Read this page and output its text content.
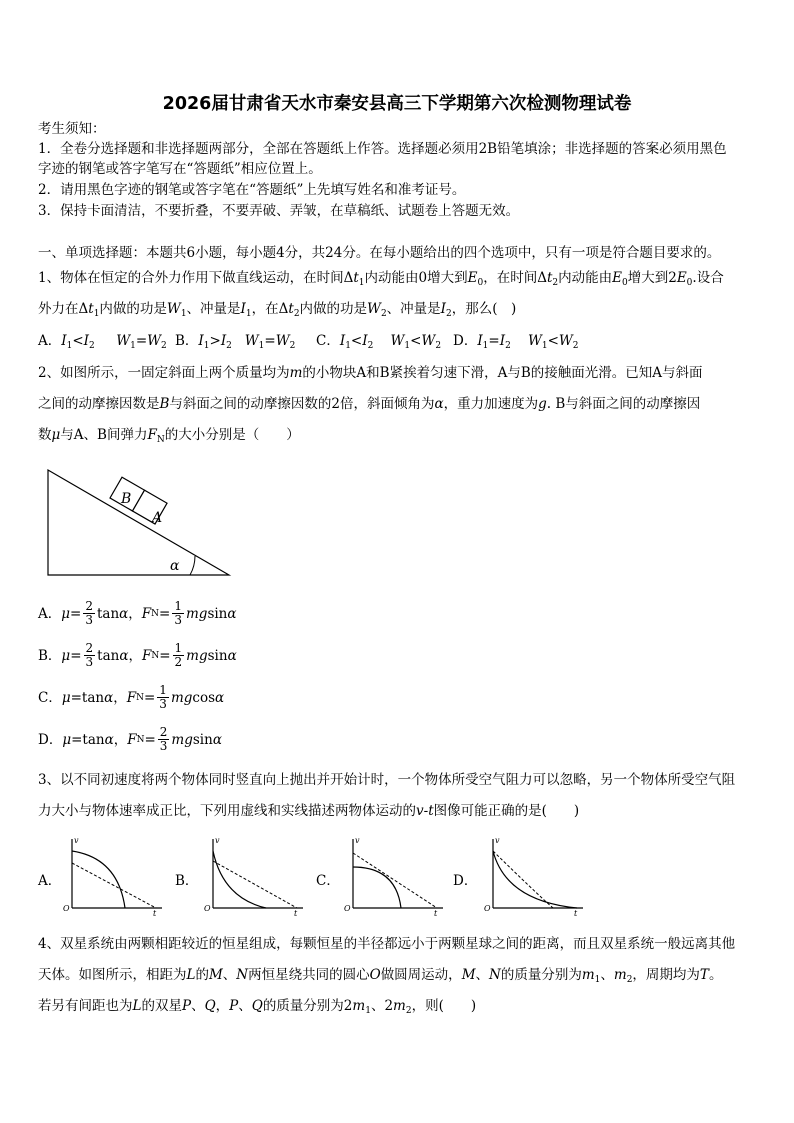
2026届甘肃省天水市秦安县高三下学期第六次检测物理试卷
考生须知：
1．全卷分选择题和非选择题两部分，全部在答题纸上作答。选择题必须用2B铅笔填涂；非选择题的答案必须用黑色
字迹的钢笔或答字笔写在“答题纸”相应位置上。
2．请用黑色字迹的钢笔或答字笔在“答题纸”上先填写姓名和准考证号。
3．保持卡面清洁，不要折叠，不要弄破、弄皱，在草稿纸、试题卷上答题无效。
一、单项选择题：本题共6小题，每小题4分，共24分。在每小题给出的四个选项中，只有一项是符合题目要求的。
1、物体在恒定的合外力作用下做直线运动，在时间$\Delta t_1$内动能由0增大到$E_0$，在时间$\Delta t_2$内动能由$E_0$增大到$2E_0$.设合
外力在$\Delta t_1$内做的功是$W_1$、冲量是$I_1$，在$\Delta t_2$内做的功是$W_2$、冲量是$I_2$，那么(　)
A．$I_1<I_2$ $W_1=W_2$ B．$I_1>I_2$ $W_1=W_2$ C．$I_1<I_2$ $W_1<W_2$ D．$I_1=I_2$ $W_1<W_2$
2、如图所示，一固定斜面上两个质量均为m的小物块A和B紧挨着匀速下滑，A与B的接触面光滑。已知A与斜面
之间的动摩擦因数是B与斜面之间的动摩擦因数的2倍，斜面倾角为α，重力加速度为g. B与斜面之间的动摩擦因
数μ与A、B间弹力$F_N$的大小分别是（　　）
B
A
α
A． $\mu = \frac{2}{3}$ tan α ， F $N = \frac{1}{3}$ mg sin α
B． $\mu = \frac{2}{3}$ tan α ， F $N = \frac{1}{2}$ mg sin α
C． μ =tan α ， F $N = \frac{1}{3}$ mg cos α
D． μ =tan α ， F $N = \frac{2}{3}$ mg sin α
3、以不同初速度将两个物体同时竖直向上抛出并开始计时，一个物体所受空气阻力可以忽略，另一个物体所受空气阻
力大小与物体速率成正比，下列用虚线和实线描述两物体运动的v-t图像可能正确的是(　　)
A．
v
t
O
B．
v
t
O
C．
v
t
O
D．
v
t
O
4、双星系统由两颗相距较近的恒星组成，每颗恒星的半径都远小于两颗星球之间的距离，而且双星系统一般远离其他
天体。如图所示，相距为L的M、N两恒星绕共同的圆心O做圆周运动，M、N的质量分别为$m_1$、$m_2$，周期均为T。
若另有间距也为L的双星P、Q，P、Q的质量分别为$2m_1$、$2m_2$，则(　　)
